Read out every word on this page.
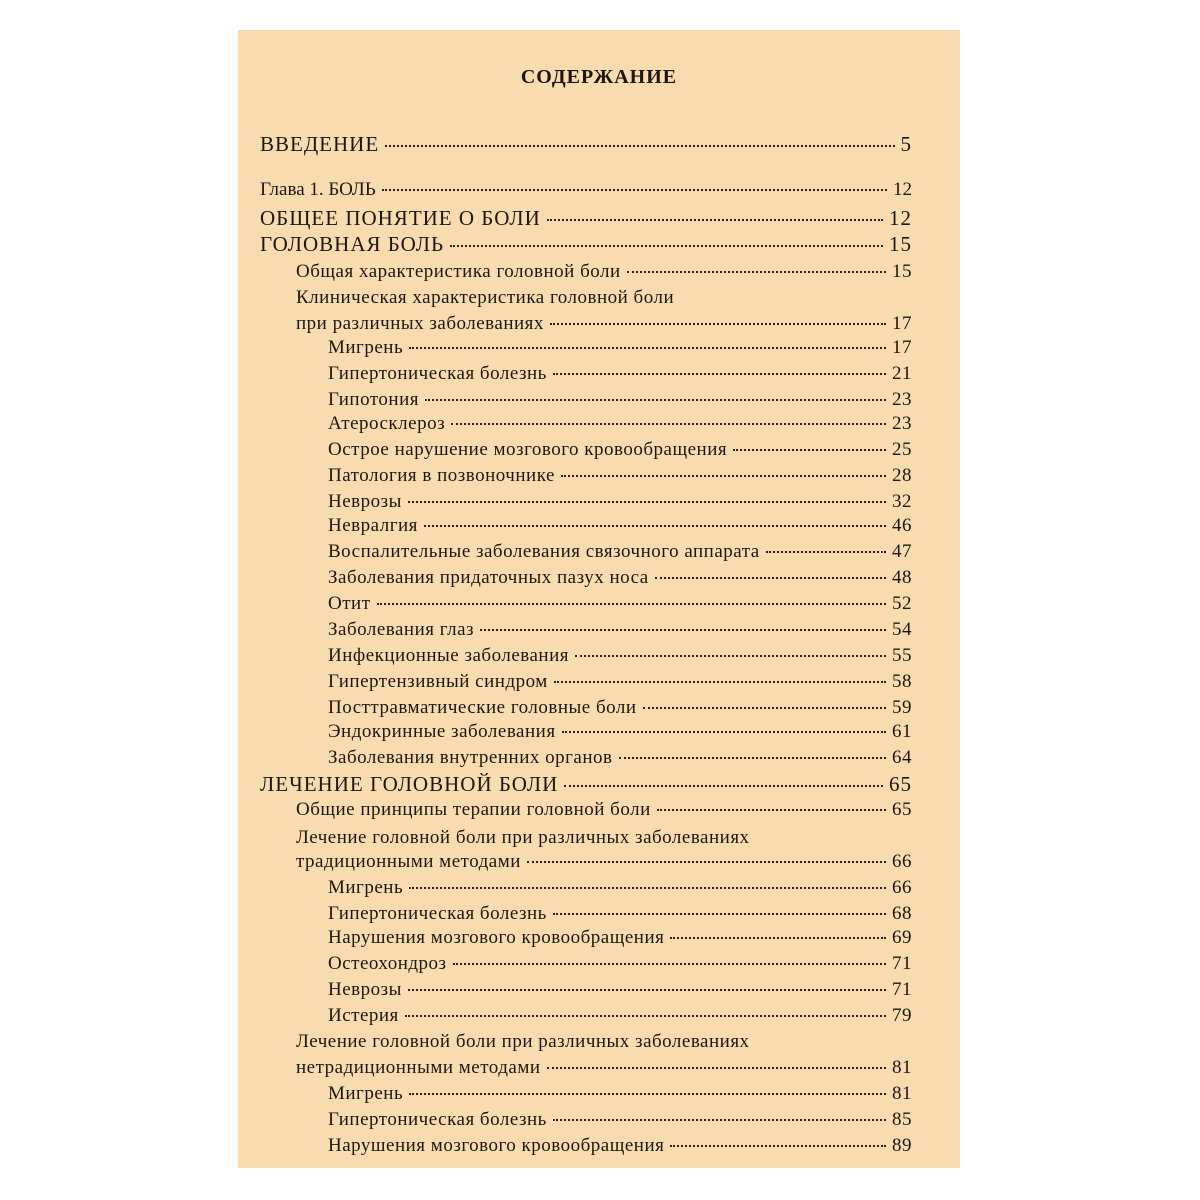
СОДЕРЖАНИЕ
ВВЕДЕНИЕ	5
Глава 1. БОЛЬ	12
ОБЩЕЕ ПОНЯТИЕ О БОЛИ	12
ГОЛОВНАЯ БОЛЬ	15
Общая характеристика головной боли	15
Клиническая характеристика головной боли
при различных заболеваниях	17
Мигрень	17
Гипертоническая болезнь	21
Гипотония	23
Атеросклероз	23
Острое нарушение мозгового кровообращения	25
Патология в позвоночнике	28
Неврозы	32
Невралгия	46
Воспалительные заболевания связочного аппарата	47
Заболевания придаточных пазух носа	48
Отит	52
Заболевания глаз	54
Инфекционные заболевания	55
Гипертензивный синдром	58
Посттравматические головные боли	59
Эндокринные заболевания	61
Заболевания внутренних органов	64
ЛЕЧЕНИЕ ГОЛОВНОЙ БОЛИ	65
Общие принципы терапии головной боли	65
Лечение головной боли при различных заболеваниях
традиционными методами	66
Мигрень	66
Гипертоническая болезнь	68
Нарушения мозгового кровообращения	69
Остеохондроз	71
Неврозы	71
Истерия	79
Лечение головной боли при различных заболеваниях
нетрадиционными методами	81
Мигрень	81
Гипертоническая болезнь	85
Нарушения мозгового кровообращения	89
